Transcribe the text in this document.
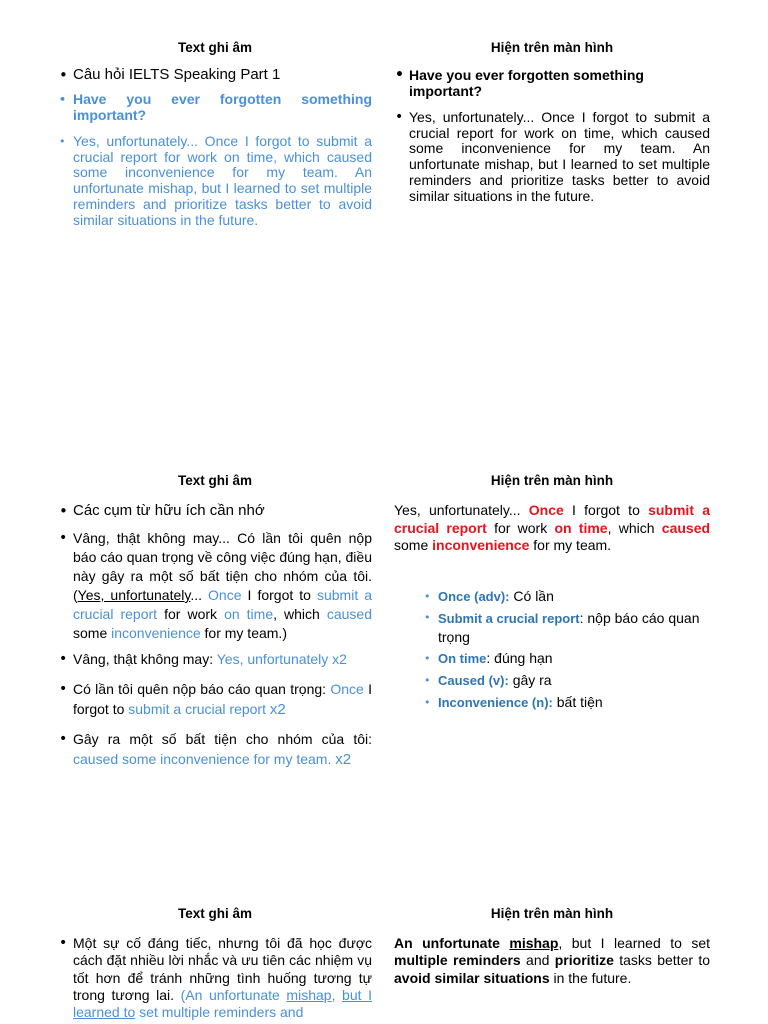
Text ghi âm

• Câu hỏi IELTS Speaking Part 1
• Have you ever forgotten something important?
• Yes, unfortunately... Once I forgot to submit a crucial report for work on time, which caused some inconvenience for my team. An unfortunate mishap, but I learned to set multiple reminders and prioritize tasks better to avoid similar situations in the future.

Hiện trên màn hình

• Have you ever forgotten something important?
• Yes, unfortunately... Once I forgot to submit a crucial report for work on time, which caused some inconvenience for my team. An unfortunate mishap, but I learned to set multiple reminders and prioritize tasks better to avoid similar situations in the future.

Text ghi âm

• Các cụm từ hữu ích cần nhớ
• Vâng, thật không may... Có lần tôi quên nộp báo cáo quan trọng về công việc đúng hạn, điều này gây ra một số bất tiện cho nhóm của tôi. (Yes, unfortunately... Once I forgot to submit a crucial report for work on time, which caused some inconvenience for my team.)
• Vâng, thật không may: Yes, unfortunately x2
• Có lần tôi quên nộp báo cáo quan trọng: Once I forgot to submit a crucial report x2
• Gây ra một số bất tiện cho nhóm của tôi: caused some inconvenience for my team. x2

Hiện trên màn hình

Yes, unfortunately... Once I forgot to submit a crucial report for work on time, which caused some inconvenience for my team.

• Once (adv): Có lần
• Submit a crucial report: nộp báo cáo quan trọng
• On time: đúng hạn
• Caused (v): gây ra
• Inconvenience (n): bất tiện

Text ghi âm

• Một sự cố đáng tiếc, nhưng tôi đã học được cách đặt nhiều lời nhắc và ưu tiên các nhiệm vụ tốt hơn để tránh những tình huống tương tự trong tương lai. (An unfortunate mishap, but I learned to set multiple reminders and

Hiện trên màn hình

An unfortunate mishap, but I learned to set multiple reminders and prioritize tasks better to avoid similar situations in the future.
